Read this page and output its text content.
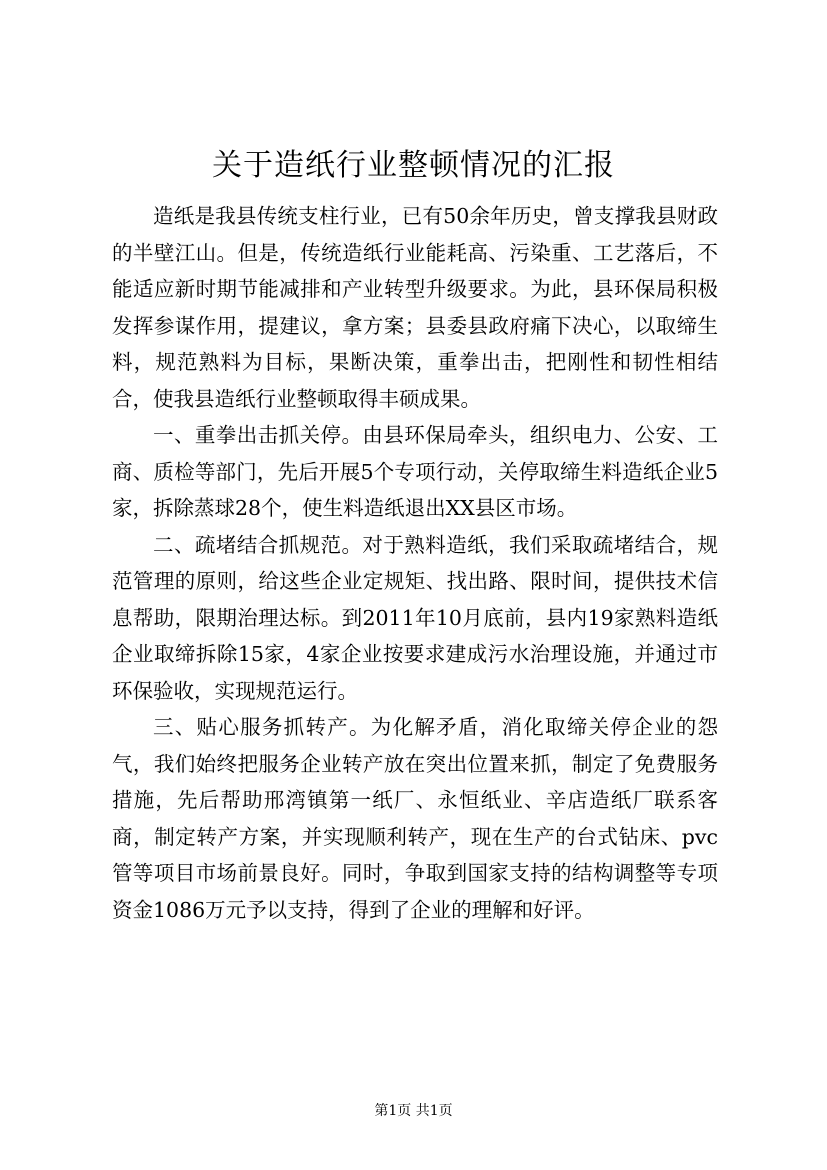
关于造纸行业整顿情况的汇报

造纸是我县传统支柱行业，已有50余年历史，曾支撑我县财政的半壁江山。但是，传统造纸行业能耗高、污染重、工艺落后，不能适应新时期节能减排和产业转型升级要求。为此，县环保局积极发挥参谋作用，提建议，拿方案；县委县政府痛下决心，以取缔生料，规范熟料为目标，果断决策，重拳出击，把刚性和韧性相结合，使我县造纸行业整顿取得丰硕成果。

一、重拳出击抓关停。由县环保局牵头，组织电力、公安、工商、质检等部门，先后开展5个专项行动，关停取缔生料造纸企业5家，拆除蒸球28个，使生料造纸退出XX县区市场。

二、疏堵结合抓规范。对于熟料造纸，我们采取疏堵结合，规范管理的原则，给这些企业定规矩、找出路、限时间，提供技术信息帮助，限期治理达标。到2011年10月底前，县内19家熟料造纸企业取缔拆除15家，4家企业按要求建成污水治理设施，并通过市环保验收，实现规范运行。

三、贴心服务抓转产。为化解矛盾，消化取缔关停企业的怨气，我们始终把服务企业转产放在突出位置来抓，制定了免费服务措施，先后帮助邢湾镇第一纸厂、永恒纸业、辛店造纸厂联系客商，制定转产方案，并实现顺利转产，现在生产的台式钻床、pvc管等项目市场前景良好。同时，争取到国家支持的结构调整等专项资金1086万元予以支持，得到了企业的理解和好评。

第1页 共1页
